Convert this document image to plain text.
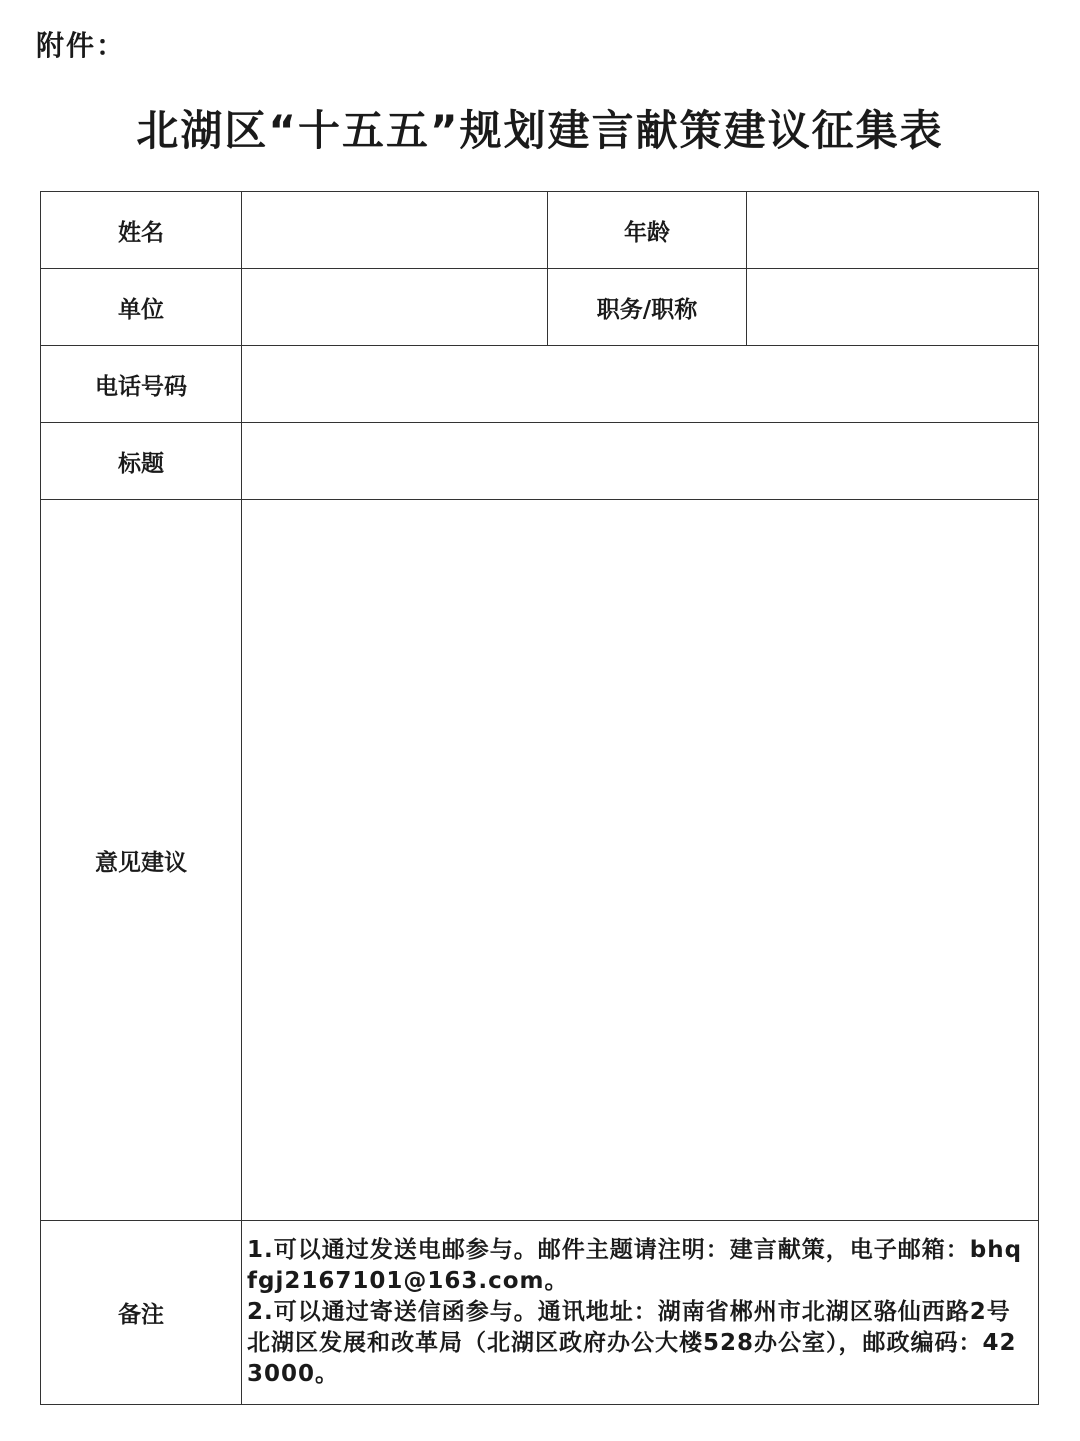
附件：
北湖区“十五五”规划建言献策建议征集表
姓名		年龄	
单位		职务/职称	
电话号码			
标题			
意见建议			
备注	1.可以通过发送电邮参与。邮件主题请注明：建言献策，电子邮箱：bhqfgj2167101@163.com。
2.可以通过寄送信函参与。通讯地址：湖南省郴州市北湖区骆仙西路2号北湖区发展和改革局（北湖区政府办公大楼528办公室），邮政编码：423000。		
